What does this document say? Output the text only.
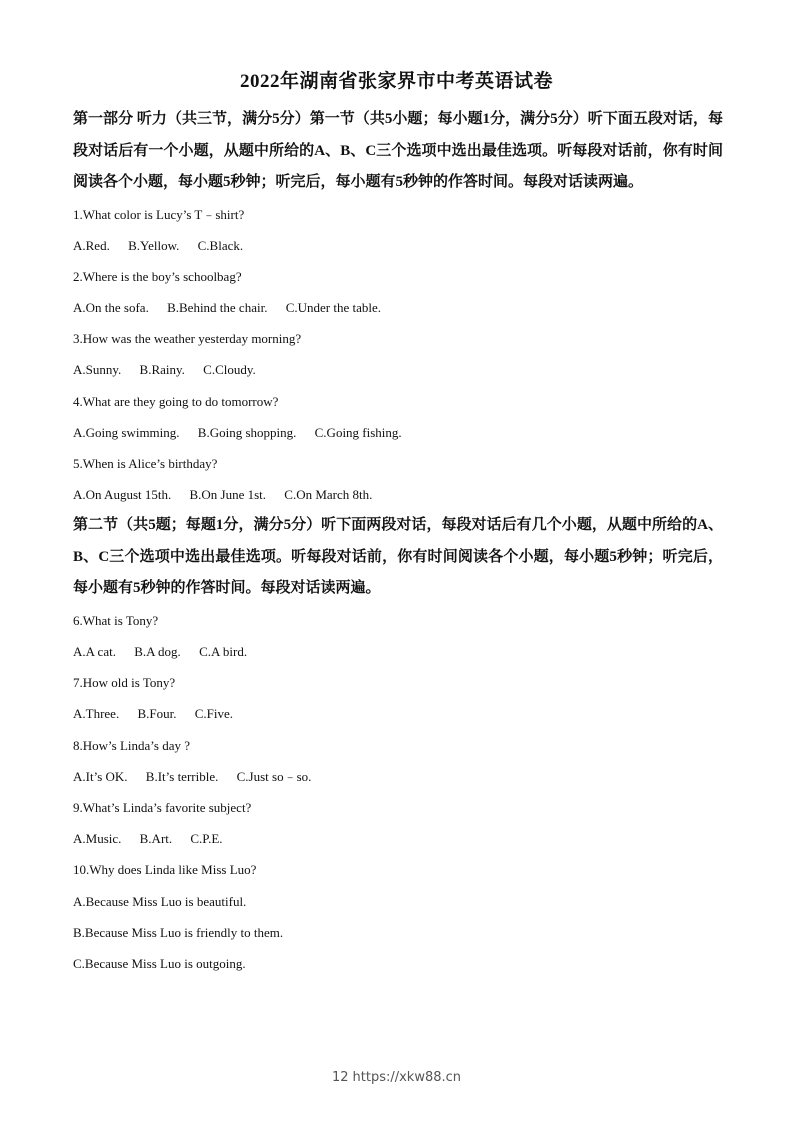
2022年湖南省张家界市中考英语试卷

第一部分 听力（共三节，满分5分）第一节（共5小题；每小题1分，满分5分）听下面五段对话，每段对话后有一个小题，从题中所给的A、B、C三个选项中选出最佳选项。听每段对话前，你有时间阅读各个小题，每小题5秒钟；听完后，每小题有5秒钟的作答时间。每段对话读两遍。

1.What color is Lucy’s T﹣shirt?
A.Red. B.Yellow. C.Black.
2.Where is the boy’s schoolbag?
A.On the sofa. B.Behind the chair. C.Under the table.
3.How was the weather yesterday morning?
A.Sunny. B.Rainy. C.Cloudy.
4.What are they going to do tomorrow?
A.Going swimming. B.Going shopping. C.Going fishing.
5.When is Alice’s birthday?
A.On August 15th. B.On June 1st. C.On March 8th.

第二节（共5题；每题1分，满分5分）听下面两段对话，每段对话后有几个小题，从题中所给的A、B、C三个选项中选出最佳选项。听每段对话前，你有时间阅读各个小题，每小题5秒钟；听完后，每小题有5秒钟的作答时间。每段对话读两遍。

6.What is Tony?
A.A cat. B.A dog. C.A bird.
7.How old is Tony?
A.Three. B.Four. C.Five.
8.How’s Linda’s day ?
A.It’s OK. B.It’s terrible. C.Just so﹣so.
9.What’s Linda’s favorite subject?
A.Music. B.Art. C.P.E.
10.Why does Linda like Miss Luo?
A.Because Miss Luo is beautiful.
B.Because Miss Luo is friendly to them.
C.Because Miss Luo is outgoing.
12 https://xkw88.cn
